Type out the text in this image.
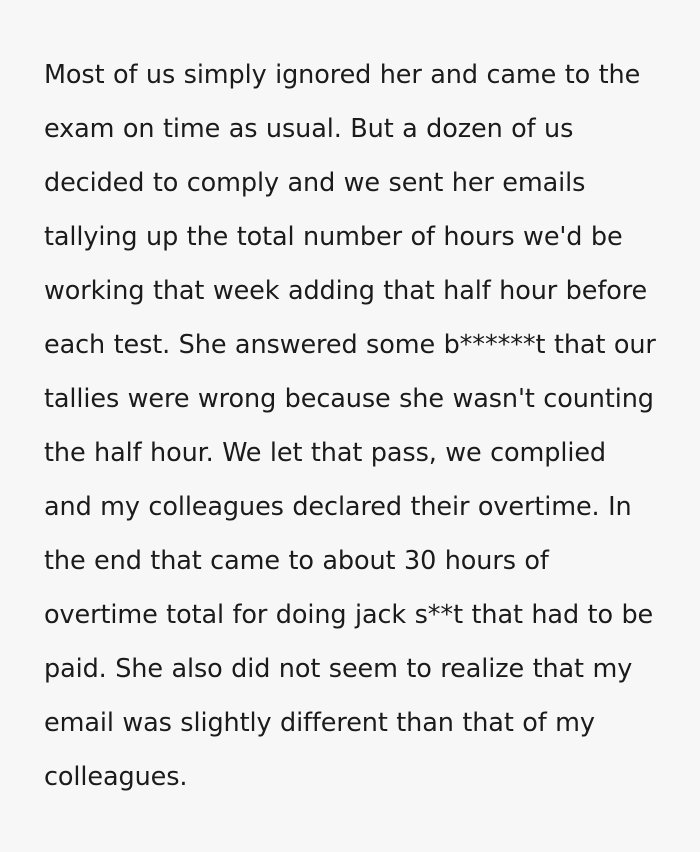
Most of us simply ignored her and came to the exam on time as usual. But a dozen of us decided to comply and we sent her emails tallying up the total number of hours we'd be working that week adding that half hour before each test. She answered some b******t that our tallies were wrong because she wasn't counting the half hour. We let that pass, we complied and my colleagues declared their overtime. In the end that came to about 30 hours of overtime total for doing jack s**t that had to be paid. She also did not seem to realize that my email was slightly different than that of my colleagues.
